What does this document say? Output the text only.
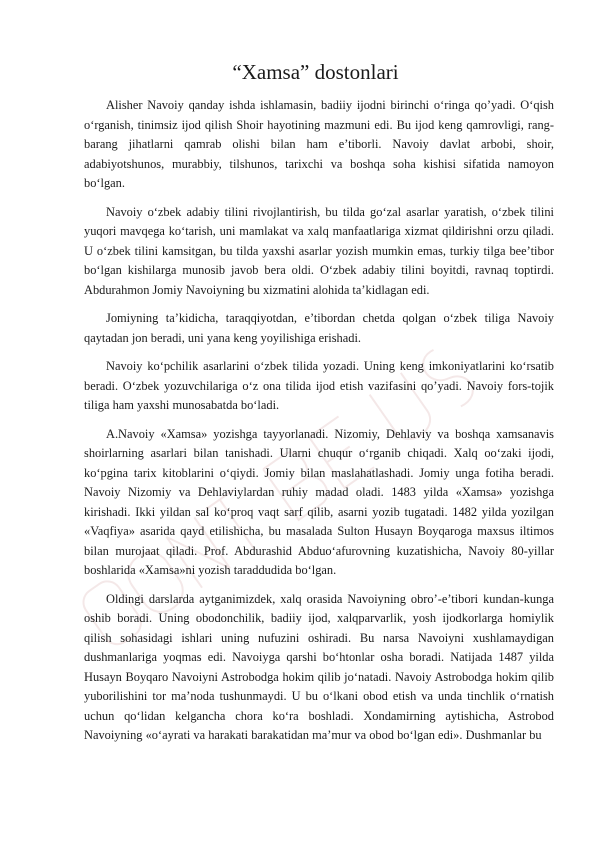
“Xamsa” dostonlari

Alisher Navoiy qanday ishda ishlamasin, badiiy ijodni birinchi o‘ringa qo’yadi. O‘qish o‘rganish, tinimsiz ijod qilish Shoir hayotining mazmuni edi. Bu ijod keng qamrovligi, rang-barang jihatlarni qamrab olishi bilan ham e’tiborli. Navoiy davlat arbobi, shoir, adabiyotshunos, murabbiy, tilshunos, tarixchi va boshqa soha kishisi sifatida namoyon bo‘lgan.

Navoiy o‘zbek adabiy tilini rivojlantirish, bu tilda go‘zal asarlar yaratish, o‘zbek tilini yuqori mavqega ko‘tarish, uni mamlakat va xalq manfaatlariga xizmat qildirishni orzu qiladi. U o‘zbek tilini kamsitgan, bu tilda yaxshi asarlar yozish mumkin emas, turkiy tilga bee’tibor bo‘lgan kishilarga munosib javob bera oldi. O‘zbek adabiy tilini boyitdi, ravnaq toptirdi. Abdurahmon Jomiy Navoiyning bu xizmatini alohida ta’kidlagan edi.

Jomiyning ta’kidicha, taraqqiyotdan, e’tibordan chetda qolgan o‘zbek tiliga Navoiy qaytadan jon beradi, uni yana keng yoyilishiga erishadi.

Navoiy ko‘pchilik asarlarini o‘zbek tilida yozadi. Uning keng imkoniyatlarini ko‘rsatib beradi. O‘zbek yozuvchilariga o‘z ona tilida ijod etish vazifasini qo’yadi. Navoiy fors-tojik tiliga ham yaxshi munosabatda bo‘ladi.

A.Navoiy «Xamsa» yozishga tayyorlanadi. Nizomiy, Dehlaviy va boshqa xamsanavis shoirlarning asarlari bilan tanishadi. Ularni chuqur o‘rganib chiqadi. Xalq oo‘zaki ijodi, ko‘pgina tarix kitoblarini o‘qiydi. Jomiy bilan maslahatlashadi. Jomiy unga fotiha beradi. Navoiy Nizomiy va Dehlaviylardan ruhiy madad oladi. 1483 yilda «Xamsa» yozishga kirishadi. Ikki yildan sal ko‘proq vaqt sarf qilib, asarni yozib tugatadi. 1482 yilda yozilgan «Vaqfiya» asarida qayd etilishicha, bu masalada Sulton Husayn Boyqaroga maxsus iltimos bilan murojaat qiladi. Prof. Abdurashid Abduo‘afurovning kuzatishicha, Navoiy 80-yillar boshlarida «Xamsa»ni yozish taraddudida bo‘lgan.

Oldingi darslarda aytganimizdek, xalq orasida Navoiyning obro’-e’tibori kundan-kunga oshib boradi. Uning obodonchilik, badiiy ijod, xalqparvarlik, yosh ijodkorlarga homiylik qilish sohasidagi ishlari uning nufuzini oshiradi. Bu narsa Navoiyni xushlamaydigan dushmanlariga yoqmas edi. Navoiyga qarshi bo‘htonlar osha boradi. Natijada 1487 yilda Husayn Boyqaro Navoiyni Astrobodga hokim qilib jo‘natadi. Navoiy Astrobodga hokim qilib yuborilishini tor ma’noda tushunmaydi. U bu o‘lkani obod etish va unda tinchlik o‘rnatish uchun qo‘lidan kelgancha chora ko‘ra boshladi. Xondamirning aytishicha, Astrobod Navoiyning «o‘ayrati va harakati barakatidan ma’mur va obod bo‘lgan edi». Dushmanlar bu
